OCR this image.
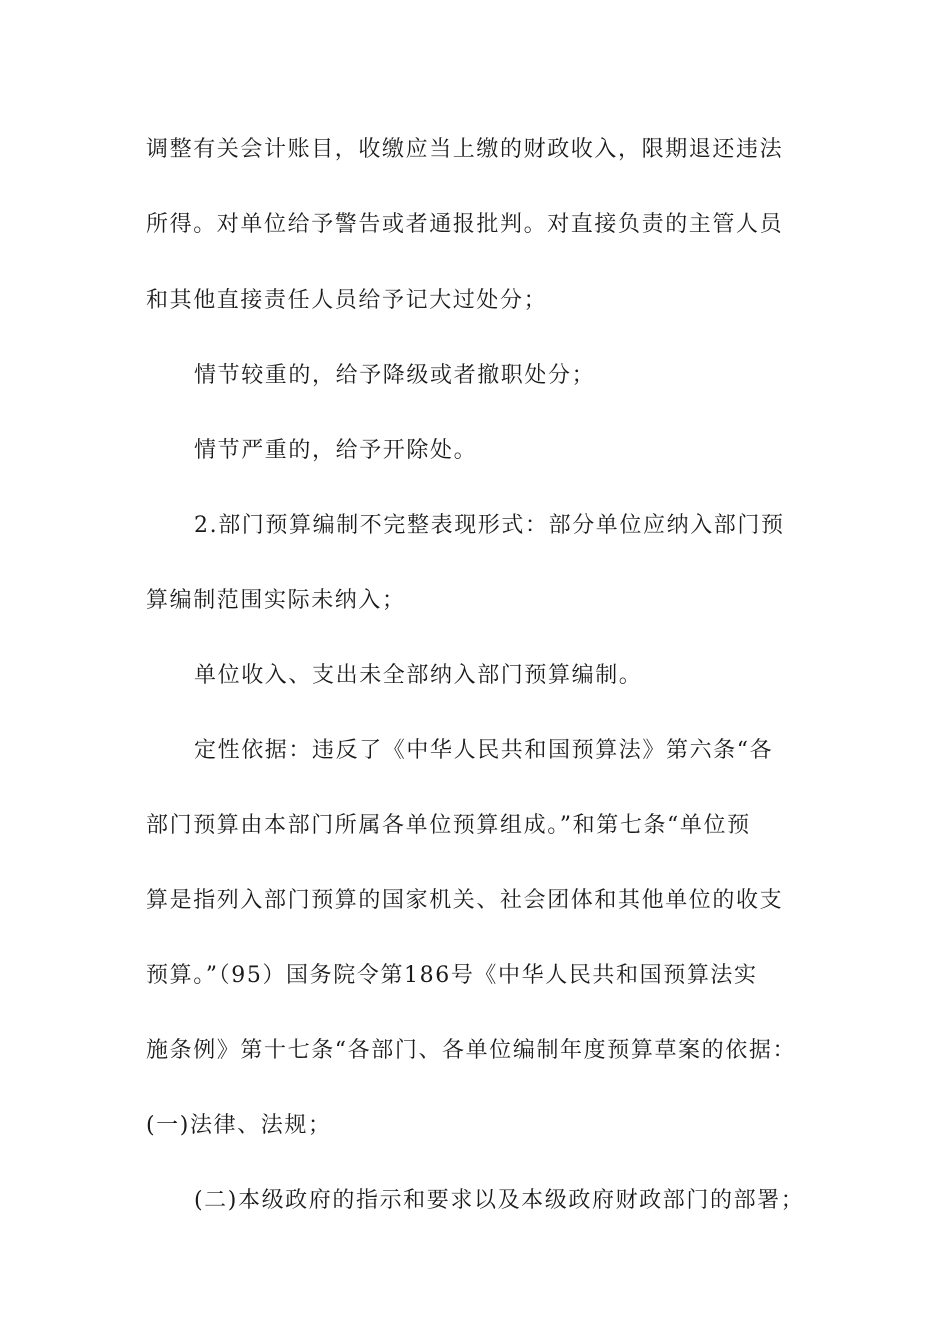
调整有关会计账目，收缴应当上缴的财政收入，限期退还违法
所得。对单位给予警告或者通报批判。对直接负责的主管人员
和其他直接责任人员给予记大过处分；
情节较重的，给予降级或者撤职处分；
情节严重的，给予开除处。
2.部门预算编制不完整表现形式：部分单位应纳入部门预
算编制范围实际未纳入；
单位收入、支出未全部纳入部门预算编制。
定性依据：违反了《中华人民共和国预算法》第六条“各
部门预算由本部门所属各单位预算组成。”和第七条“单位预
算是指列入部门预算的国家机关、社会团体和其他单位的收支
预算。”（95）国务院令第186号《中华人民共和国预算法实
施条例》第十七条“各部门、各单位编制年度预算草案的依据：
(一)法律、法规；
(二)本级政府的指示和要求以及本级政府财政部门的部署；
